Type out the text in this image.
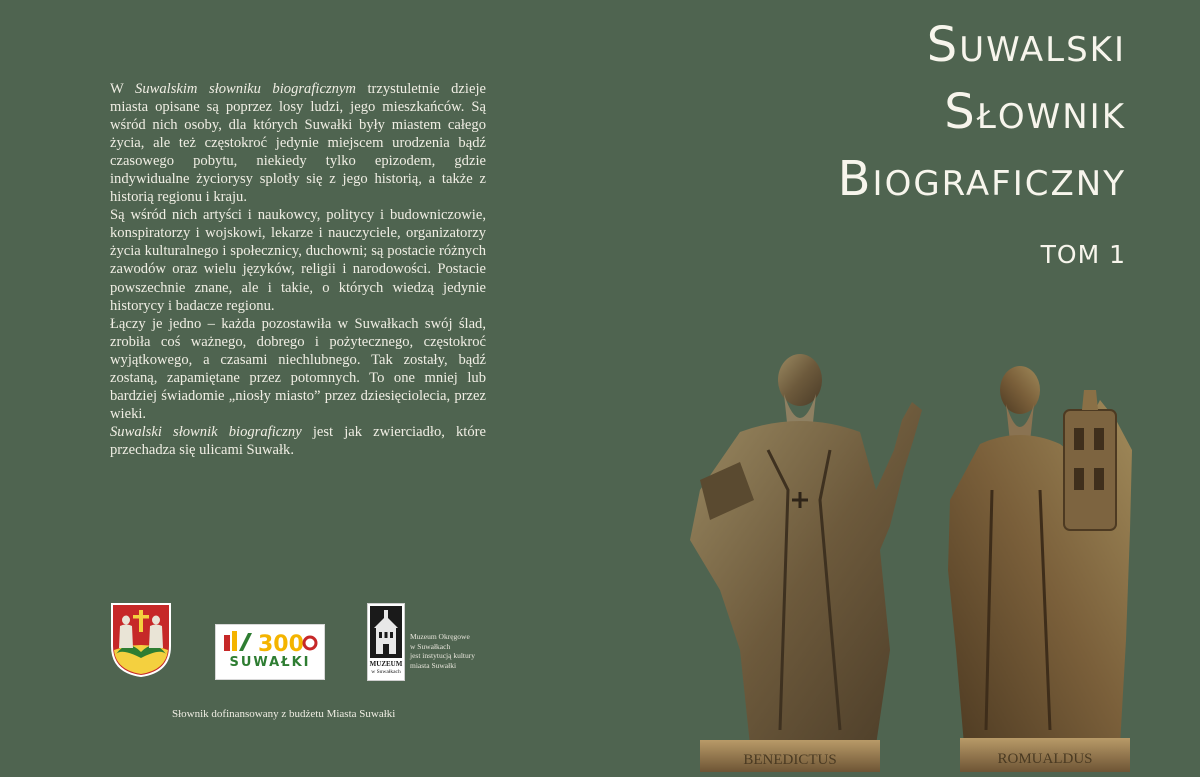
W Suwalskim słowniku biograficznym trzystuletnie dzieje miasta opisane są poprzez losy ludzi, jego mieszkańców. Są wśród nich osoby, dla których Suwałki były miastem całego życia, ale też częstokroć jedynie miejscem urodzenia bądź czasowego pobytu, niekiedy tylko epizodem, gdzie indywidualne życiorysy splotły się z jego historią, a także z historią regionu i kraju.

Są wśród nich artyści i naukowcy, politycy i budowniczowie, konspiratorzy i wojskowi, lekarze i nauczyciele, organizatorzy życia kulturalnego i społecznicy, duchowni; są postacie różnych zawodów oraz wielu języków, religii i narodowości. Postacie powszechnie znane, ale i takie, o których wiedzą jedynie historycy i badacze regionu.

Łączy je jedno – każda pozostawiła w Suwałkach swój ślad, zrobiła coś ważnego, dobrego i pożytecznego, częstokroć wyjątkowego, a czasami niechlubnego. Tak zostały, bądź zostaną, zapamiętane przez potomnych. To one mniej lub bardziej świadomie „niosły miasto” przez dziesięciolecia, przez wieki.

Suwalski słownik biograficzny jest jak zwierciadło, które przechadza się ulicami Suwałk.

300
SUWAŁKI	MUZEUM
w Suwałkach
Muzeum Okręgowe
w Suwałkach
jest instytucją kultury
miasta Suwałki
Słownik dofinansowany z budżetu Miasta Suwałki
Suwalski
Słownik
Biograficzny
TOM 1
BENEDICTUS	ROMUALDUS
